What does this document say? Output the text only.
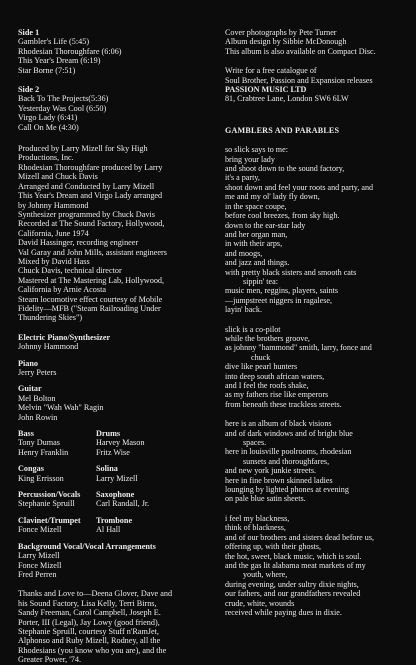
Side 1
Gambler's Life (5:45)
Rhodesian Thoroughfare (6:06)
This Year's Dream (6:19)
Star Borne (7:51)
Side 2
Back To The Projects(5:36)
Yesterday Was Cool (6:50)
Virgo Lady (6:41)
Call On Me (4:30)
Produced by Larry Mizell for Sky High
Productions, Inc.
Rhodesian Thoroughfare produced by Larry
Mizell and Chuck Davis
Arranged and Conducted by Larry Mizell
This Year's Dream and Virgo Lady arranged
by Johnny Hammond
Synthesizer programmed by Chuck Davis
Recorded at The Sound Factory, Hollywood,
California, June 1974
David Hassinger, recording engineer
Val Garay and John Mills, assistant engineers
Mixed by David Hass
Chuck Davis, technical director
Mastered at The Mastering Lab, Hollywood,
California by Arnie Acosta
Steam locomotive effect courtesy of Mobile
Fidelity—MFB ("Steam Railroading Under
Thundering Skies")
Electric Piano/Synthesizer
Johnny Hammond
Piano
Jerry Peters
Guitar
Mel Bolton
Melvin "Wah Wah" Ragin
John Rowin
Bass
Tony Dumas
Henry Franklin
Drums
Harvey Mason
Fritz Wise
Congas
King Errisson
Solina
Larry Mizell
Percussion/Vocals
Stephanie Spruill
Saxophone
Carl Randall, Jr.
Clavinet/Trumpet
Fonce Mizell
Trombone
Al Hall
Background Vocal/Vocal Arrangements
Larry Mizell
Fonce Mizell
Fred Perren
Thanks and Love to—Deena Glover, Dave and
his Sound Factory, Lisa Kelly, Terri Birns,
Sandy Freeman, Carol Campbell, Joseph E.
Porter, III (Legal), Jay Lowy (good friend),
Stephanie Spruill, courtesy Stuff n'RamJet,
Alphonso and Ruby Mizell, Rodney, all the
Rhodesians (you know who you are), and the
Greater Power, '74.
Cover photographs by Pete Turner
Album design by Sibbie McDonough
This album is also available on Compact Disc.
Write for a free catalogue of
Soul Brother, Passion and Expansion releases
PASSION MUSIC LTD
81, Crabtree Lane, London SW6 6LW
GAMBLERS AND PARABLES
so slick says to me:
bring your lady
and shoot down to the sound factory,
it's a party,
shoot down and feel your roots and party, and
me and my ol' lady fly down,
in the space coupe,
before cool breezes, from sky high.
down to the ear-star lady
and her organ man,
in with their arps,
and moogs,
and jazz and things.
with pretty black sisters and smooth cats
sippin' tea:
music men, reggins, players, saints
—jumpstreet niggers in ragalese,
layin' back.
slick is a co-pilot
while the brothers groove,
as johnny "hammond" smith, larry, fonce and
chuck
dive like pearl hunters
into deep south african waters,
and I feel the roofs shake,
as my fathers rise like emperors
from beneath these trackless streets.
here is an album of black visions
and of dark windows and of bright blue
spaces.
here in louisville poolrooms, rhodesian
sunsets and thoroughfares,
and new york junkie streets.
here in fine brown skinned ladies
lounging by lighted phones at evening
on pale blue satin sheets.
i feel my blackness,
think of blackness,
and of our brothers and sisters dead before us,
offering up, with their ghosts,
the hot, sweet, black music, which is soul.
and the gas lit alabama meat markets of my
youth, where,
during evening, under sultry dixie nights,
our fathers, and our grandfathers revealed
crude, white, wounds
received while paying dues in dixie.
